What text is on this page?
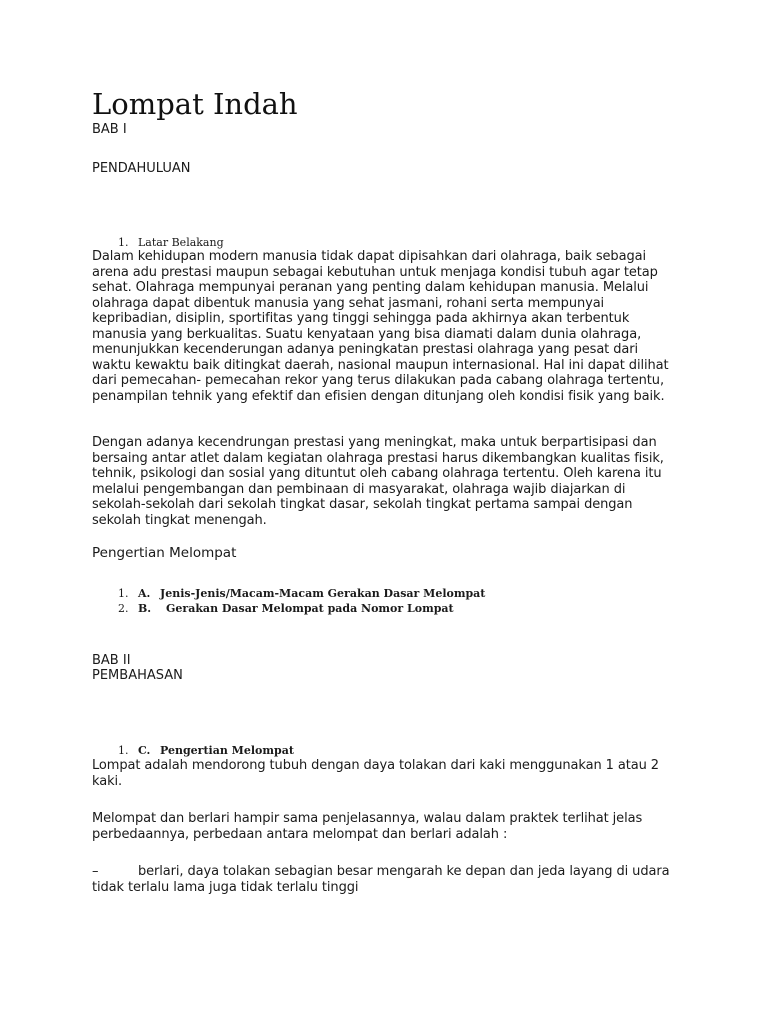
Lompat Indah

BAB I

PENDAHULUAN

1. Latar Belakang

Dalam kehidupan modern manusia tidak dapat dipisahkan dari olahraga, baik sebagai arena adu prestasi maupun sebagai kebutuhan untuk menjaga kondisi tubuh agar tetap sehat. Olahraga mempunyai peranan yang penting dalam kehidupan manusia. Melalui olahraga dapat dibentuk manusia yang sehat jasmani, rohani serta mempunyai kepribadian, disiplin, sportifitas yang tinggi sehingga pada akhirnya akan terbentuk manusia yang berkualitas. Suatu kenyataan yang bisa diamati dalam dunia olahraga, menunjukkan kecenderungan adanya peningkatan prestasi olahraga yang pesat dari waktu kewaktu baik ditingkat daerah, nasional maupun internasional. Hal ini dapat dilihat dari pemecahan- pemecahan rekor yang terus dilakukan pada cabang olahraga tertentu, penampilan tehnik yang efektif dan efisien dengan ditunjang oleh kondisi fisik yang baik.

Dengan adanya kecendrungan prestasi yang meningkat, maka untuk berpartisipasi dan bersaing antar atlet dalam kegiatan olahraga prestasi harus dikembangkan kualitas fisik, tehnik, psikologi dan sosial yang dituntut oleh cabang olahraga tertentu. Oleh karena itu melalui pengembangan dan pembinaan di masyarakat, olahraga wajib diajarkan di sekolah-sekolah dari sekolah tingkat dasar, sekolah tingkat pertama sampai dengan sekolah tingkat menengah.

Pengertian Melompat

1. A. Jenis-Jenis/Macam-Macam Gerakan Dasar Melompat
2. B. Gerakan Dasar Melompat pada Nomor Lompat

BAB II

PEMBAHASAN

1. C. Pengertian Melompat

Lompat adalah mendorong tubuh dengan daya tolakan dari kaki menggunakan 1 atau 2 kaki.

Melompat dan berlari hampir sama penjelasannya, walau dalam praktek terlihat jelas perbedaannya, perbedaan antara melompat dan berlari adalah :

–	berlari, daya tolakan sebagian besar mengarah ke depan dan jeda layang di udara tidak terlalu lama juga tidak terlalu tinggi
